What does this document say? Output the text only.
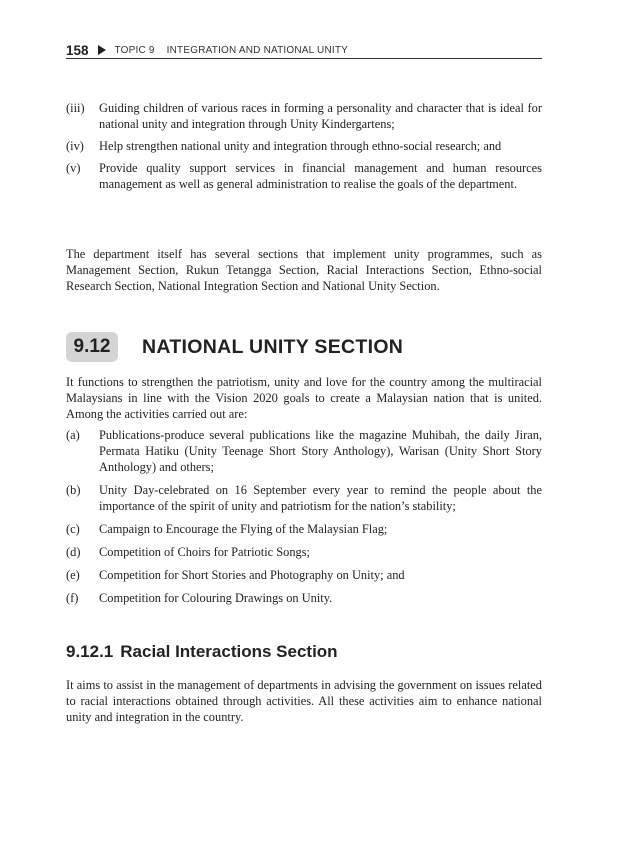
158	TOPIC 9 INTEGRATION AND NATIONAL UNITY
(iii)	Guiding children of various races in forming a personality and character that is ideal for national unity and integration through Unity Kindergartens;
(iv)	Help strengthen national unity and integration through ethno-social research; and
(v)	Provide quality support services in financial management and human resources management as well as general administration to realise the goals of the department.

The department itself has several sections that implement unity programmes, such as Management Section, Rukun Tetangga Section, Racial Interactions Section, Ethno-social Research Section, National Integration Section and National Unity Section.

9.12	NATIONAL UNITY SECTION

It functions to strengthen the patriotism, unity and love for the country among the multiracial Malaysians in line with the Vision 2020 goals to create a Malaysian nation that is united. Among the activities carried out are:

(a)	Publications-produce several publications like the magazine Muhibah, the daily Jiran, Permata Hatiku (Unity Teenage Short Story Anthology), Warisan (Unity Short Story Anthology) and others;
(b)	Unity Day-celebrated on 16 September every year to remind the people about the importance of the spirit of unity and patriotism for the nation’s stability;
(c)	Campaign to Encourage the Flying of the Malaysian Flag;
(d)	Competition of Choirs for Patriotic Songs;
(e)	Competition for Short Stories and Photography on Unity; and
(f)	Competition for Colouring Drawings on Unity.
9.12.1 Racial Interactions Section

It aims to assist in the management of departments in advising the government on issues related to racial interactions obtained through activities. All these activities aim to enhance national unity and integration in the country.
